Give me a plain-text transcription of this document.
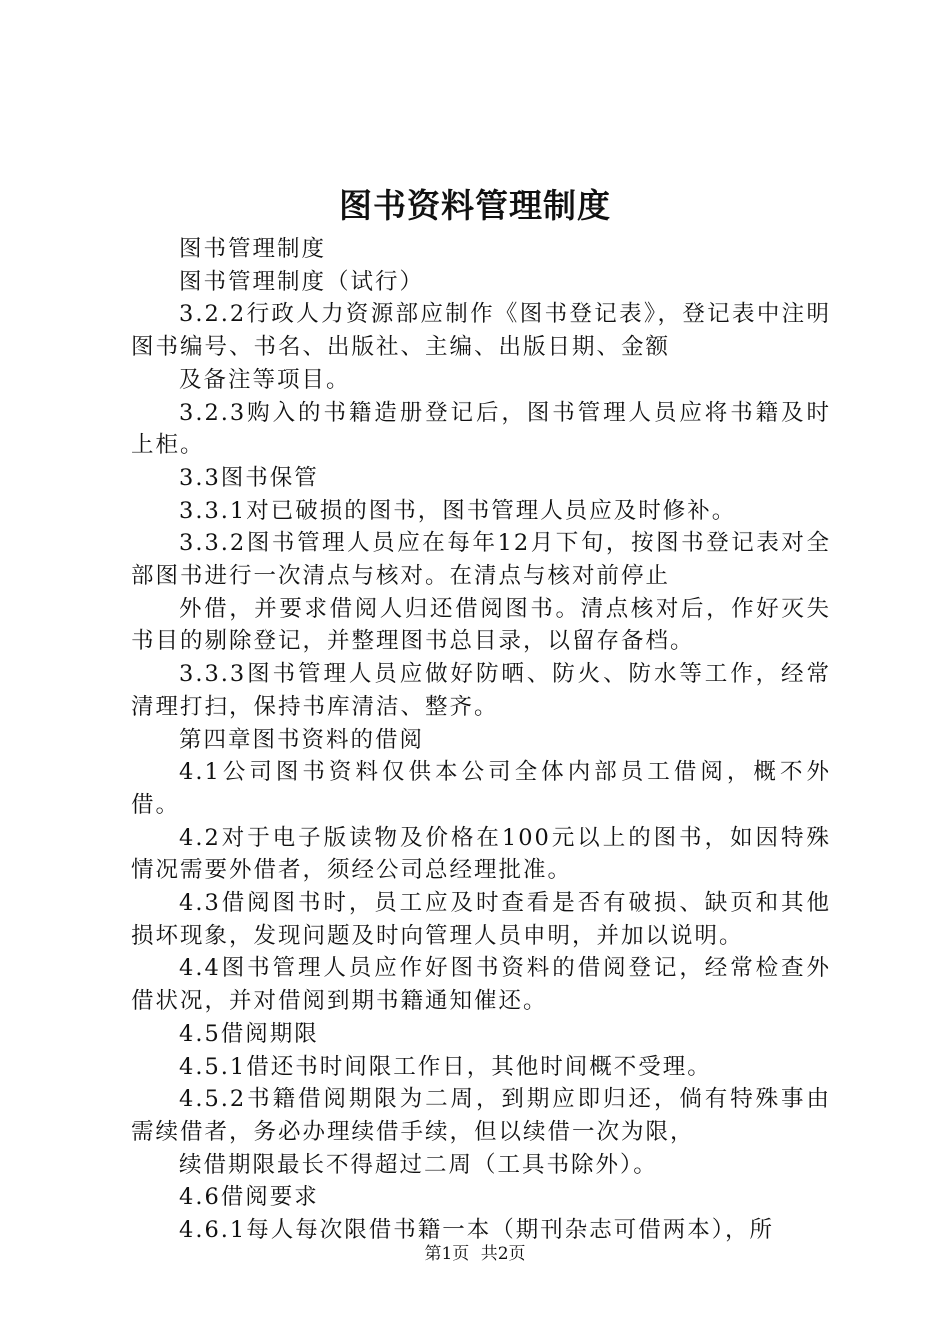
图书资料管理制度

图书管理制度

图书管理制度（试行）

3.2.2行政人力资源部应制作《图书登记表》，登记表中注明图书编号、书名、出版社、主编、出版日期、金额

及备注等项目。

3.2.3购入的书籍造册登记后，图书管理人员应将书籍及时上柜。

3.3图书保管

3.3.1对已破损的图书，图书管理人员应及时修补。

3.3.2图书管理人员应在每年12月下旬，按图书登记表对全部图书进行一次清点与核对。在清点与核对前停止

外借，并要求借阅人归还借阅图书。清点核对后，作好灭失书目的剔除登记，并整理图书总目录，以留存备档。

3.3.3图书管理人员应做好防晒、防火、防水等工作，经常清理打扫，保持书库清洁、整齐。

第四章图书资料的借阅

4.1公司图书资料仅供本公司全体内部员工借阅，概不外借。

4.2对于电子版读物及价格在100元以上的图书，如因特殊情况需要外借者，须经公司总经理批准。

4.3借阅图书时，员工应及时查看是否有破损、缺页和其他损坏现象，发现问题及时向管理人员申明，并加以说明。

4.4图书管理人员应作好图书资料的借阅登记，经常检查外借状况，并对借阅到期书籍通知催还。

4.5借阅期限

4.5.1借还书时间限工作日，其他时间概不受理。

4.5.2书籍借阅期限为二周，到期应即归还，倘有特殊事由需续借者，务必办理续借手续，但以续借一次为限，

续借期限最长不得超过二周（工具书除外）。

4.6借阅要求

4.6.1每人每次限借书籍一本（期刊杂志可借两本），所

第1页 共2页
